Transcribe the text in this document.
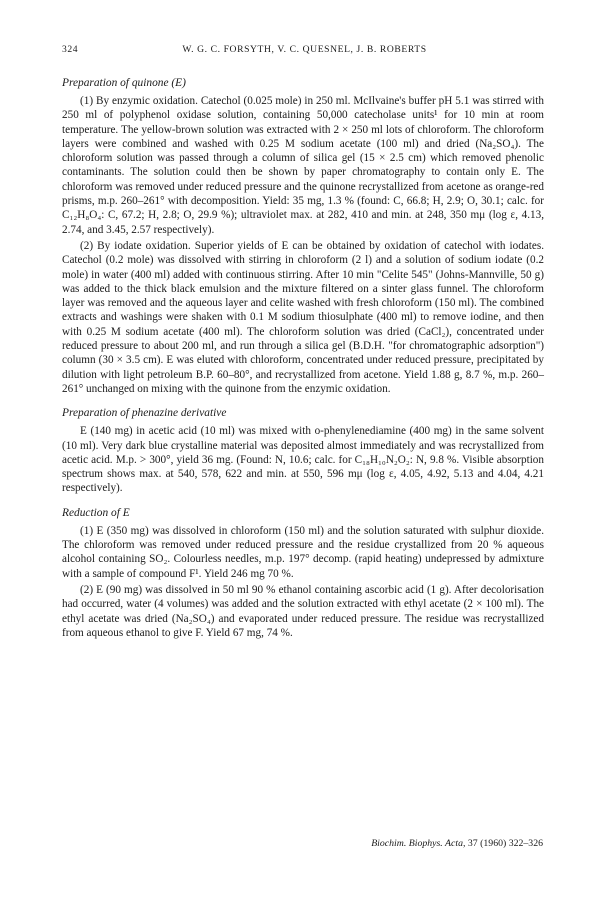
324	W. G. C. FORSYTH, V. C. QUESNEL, J. B. ROBERTS
Preparation of quinone (E)

(1) By enzymic oxidation. Catechol (0.025 mole) in 250 ml. McIlvaine's buffer pH 5.1 was stirred with 250 ml of polyphenol oxidase solution, containing 50,000 catecholase units¹ for 10 min at room temperature. The yellow-brown solution was extracted with 2 × 250 ml lots of chloroform. The chloroform layers were combined and washed with 0.25 M sodium acetate (100 ml) and dried (Na₂SO₄). The chloroform solution was passed through a column of silica gel (15 × 2.5 cm) which removed phenolic contaminants. The solution could then be shown by paper chromatography to contain only E. The chloroform was removed under reduced pressure and the quinone recrystallized from acetone as orange-red prisms, m.p. 260–261° with decomposition. Yield: 35 mg, 1.3 % (found: C, 66.8; H, 2.9; O, 30.1; calc. for C₁₂H₈O₄: C, 67.2; H, 2.8; O, 29.9 %); ultraviolet max. at 282, 410 and min. at 248, 350 mμ (log ε, 4.13, 2.74, and 3.45, 2.57 respectively).

(2) By iodate oxidation. Superior yields of E can be obtained by oxidation of catechol with iodates. Catechol (0.2 mole) was dissolved with stirring in chloroform (2 l) and a solution of sodium iodate (0.2 mole) in water (400 ml) added with continuous stirring. After 10 min "Celite 545" (Johns-Mannville, 50 g) was added to the thick black emulsion and the mixture filtered on a sinter glass funnel. The chloroform layer was removed and the aqueous layer and celite washed with fresh chloroform (150 ml). The combined extracts and washings were shaken with 0.1 M sodium thiosulphate (400 ml) to remove iodine, and then with 0.25 M sodium acetate (400 ml). The chloroform solution was dried (CaCl₂), concentrated under reduced pressure to about 200 ml, and run through a silica gel (B.D.H. "for chromatographic adsorption") column (30 × 3.5 cm). E was eluted with chloroform, concentrated under reduced pressure, precipitated by dilution with light petroleum B.P. 60–80°, and recrystallized from acetone. Yield 1.88 g, 8.7 %, m.p. 260–261° unchanged on mixing with the quinone from the enzymic oxidation.

Preparation of phenazine derivative

E (140 mg) in acetic acid (10 ml) was mixed with o-phenylenediamine (400 mg) in the same solvent (10 ml). Very dark blue crystalline material was deposited almost immediately and was recrystallized from acetic acid. M.p. > 300°, yield 36 mg. (Found: N, 10.6; calc. for C₁₈H₁₀N₂O₂: N, 9.8 %. Visible absorption spectrum shows max. at 540, 578, 622 and min. at 550, 596 mμ (log ε, 4.05, 4.92, 5.13 and 4.04, 4.21 respectively).

Reduction of E

(1) E (350 mg) was dissolved in chloroform (150 ml) and the solution saturated with sulphur dioxide. The chloroform was removed under reduced pressure and the residue crystallized from 20 % aqueous alcohol containing SO₂. Colourless needles, m.p. 197° decomp. (rapid heating) undepressed by admixture with a sample of compound F¹. Yield 246 mg 70 %.

(2) E (90 mg) was dissolved in 50 ml 90 % ethanol containing ascorbic acid (1 g). After decolorisation had occurred, water (4 volumes) was added and the solution extracted with ethyl acetate (2 × 100 ml). The ethyl acetate was dried (Na₂SO₄) and evaporated under reduced pressure. The residue was recrystallized from aqueous ethanol to give F. Yield 67 mg, 74 %.

Biochim. Biophys. Acta, 37 (1960) 322–326
